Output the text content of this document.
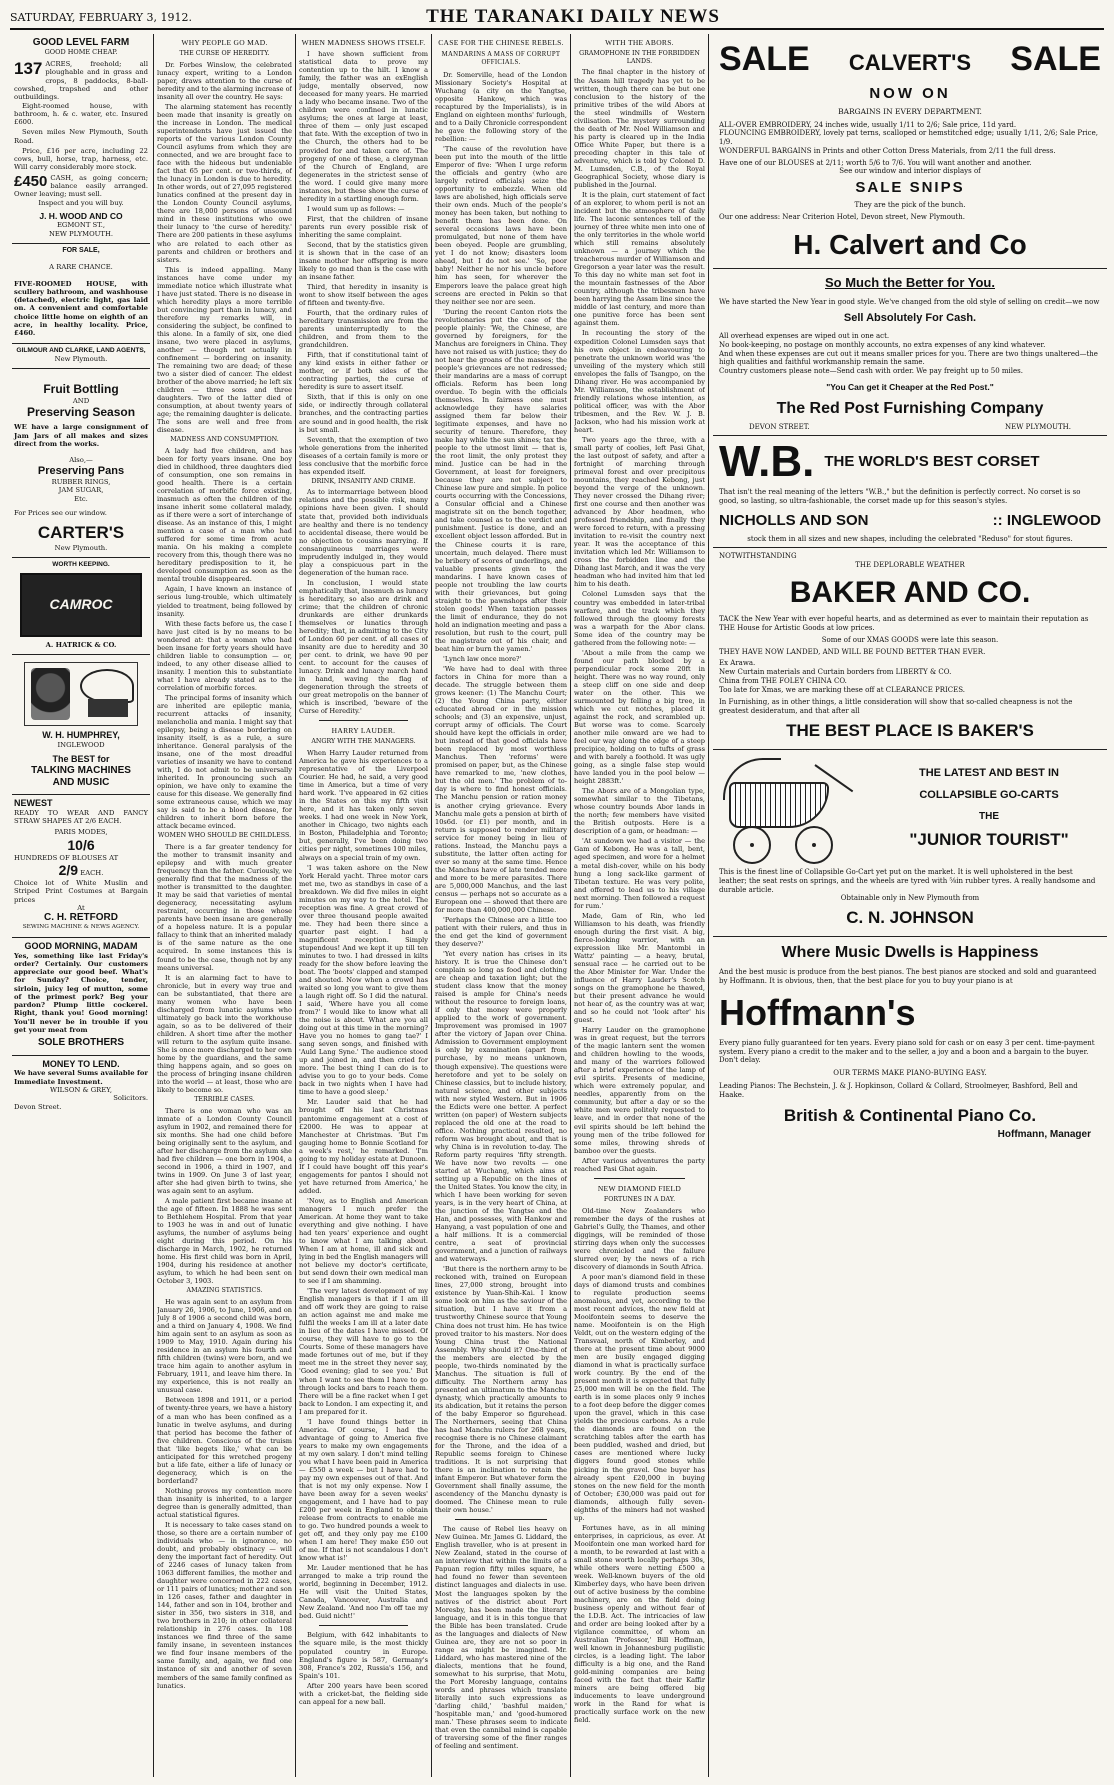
SATURDAY, FEBRUARY 3, 1912.	THE TARANAKI DAILY NEWS
GOOD LEVEL FARM
GOOD HOME CHEAP.
137 ACRES, freehold; all ploughable and in grass and crops, 8 paddocks, 8-ball-cowshed, trapshed and other outbuildings.

Eight-roomed house, with bathroom, h. & c. water, etc. Insured £600.

Seven miles New Plymouth, South Road.

Price, £16 per acre, including 22 cows, bull, horse, trap, harness, etc. Will carry considerably more stock.

£450 CASH, as going concern; balance easily arranged. Owner leaving; must sell.
Inspect and you will buy.
J. H. WOOD AND CO
EGMONT ST.,
NEW PLYMOUTH.
FOR SALE,
A RARE CHANCE.
FIVE-ROOMED HOUSE, with scullery bathroom, and washhouse (detached), electric light, gas laid on. A convenient and comfortable choice little home on eighth of an acre, in healthy locality. Price, £460.
GILMOUR AND CLARKE, LAND AGENTS,
New Plymouth.
Fruit Bottling
AND
Preserving Season
WE have a large consignment of Jam Jars of all makes and sizes direct from the works.
Also,—
Preserving Pans
RUBBER RINGS,
JAM SUGAR,
Etc.
For Prices see our window.
CARTER'S
New Plymouth.
WORTH KEEPING.
CAMROC
A. HATRICK & CO.
W. H. HUMPHREY,
INGLEWOOD
The BEST for
TALKING MACHINES
AND MUSIC
NEWEST
READY TO WEAR AND FANCY STRAW SHAPES AT 2/6 EACH.
PARIS MODES,
10/6
HUNDREDS OF BLOUSES AT
2/9 EACH.
Choice lot of White Muslin and Striped Print Costumes at Bargain prices
At
C. H. RETFORD
SEWING MACHINE & NEWS AGENCY.
GOOD MORNING, MADAM
Yes, something like last Friday's order? Certainly. Our customers appreciate our good beef. What's for Sunday? Choice, tender, sirloin, juicy leg of mutton, some of the primest pork? Beg your pardon? Plump little cockerel. Right, thank you! Good morning! You'll never be in trouble if you get your meat from
SOLE BROTHERS
MONEY TO LEND.
We have several Sums available for Immediate Investment.
WILSON & GREY,
Solicitors.
Devon Street.
WHY PEOPLE GO MAD.
THE CURSE OF HEREDITY.

Dr. Forbes Winslow, the celebrated lunacy expert, writing to a London paper, draws attention to the curse of heredity and to the alarming increase of insanity all over the country. He says:

The alarming statement has recently been made that insanity is greatly on the increase in London. The medical superintendents have just issued the reports of the various London County Council asylums from which they are connected, and we are brought face to face with the hideous but undeniable fact that 65 per cent. or two-thirds, of the lunacy in London is due to heredity. In other words, out of 27,095 registered lunatics confined at the present day in the London County Council asylums, there are 18,000 persons of unsound mind in these institutions who owe their lunacy to 'the curse of heredity.' There are 200 patients in these asylums who are related to each other as parents and children or brothers and sisters.

This is indeed appalling. Many instances have come under my immediate notice which illustrate what I have just stated. There is no disease in which heredity plays a more terrible but convincing part than in lunacy, and therefore my remarks will, in considering the subject, be confined to this alone. In a family of six, one died insane, two were placed in asylums, another — though not actually in confinement — bordering on insanity. The remaining two are dead; of these two a sister died of cancer. The eldest brother of the above married; he left six children — three sons and three daughters. Two of the latter died of consumption, at about twenty years of age; the remaining daughter is delicate. The sons are well and free from disease.

MADNESS AND CONSUMPTION.

A lady had five children, and has been for forty years insane. One boy died in childhood, three daughters died of consumption, one son remains in good health. There is a certain correlation of morbific force existing, inasmuch as often the children of the insane inherit some collateral malady, as if there were a sort of interchange of disease. As an instance of this, I might mention a case of a man who had suffered for some time from acute mania. On his making a complete recovery from this, though there was no hereditary predisposition to it, he developed consumption as soon as the mental trouble disappeared.

Again, I have known an instance of serious lung-trouble, which ultimately yielded to treatment, being followed by insanity.

With these facts before us, the case I have just cited is by no means to be wondered at: that a woman who had been insane for forty years should have children liable to consumption — or, indeed, to any other disease allied to insanity. I mention this to substantiate what I have already stated as to the correlation of morbific forces.

The principal forms of insanity which are inherited are epileptic mania, recurrent attacks of insanity, melancholia and mania. I might say that epilepsy, being a disease bordering on insanity itself, is as a rule, a sure inheritance. General paralysis of the insane, one of the most dreadful varieties of insanity we have to contend with, I do not admit to be universally inherited. In pronouncing such an opinion, we have only to examine the cause for this disease. We generally find some extraneous cause, which we may say is said to be a blood disease, for children to inherit born before the attack became evinced.

WOMEN WHO SHOULD BE CHILDLESS.

There is a far greater tendency for the mother to transmit insanity and epilepsy and with much greater frequency than the father. Curiously, we generally find that the madness of the mother is transmitted to the daughter. It may be said that varieties of mental degeneracy, necessitating asylum restraint, occurring in those whose parents have been insane are generally of a hopeless nature. It is a popular fallacy to think that an inherited malady is of the same nature as the one acquired. In some instances this is found to be the case, though not by any means universal.

It is an alarming fact to have to chronicle, but in every way true and can be substantiated, that there are many women who have been discharged from lunatic asylums who ultimately go back into the workhouse again, so as to be delivered of their children. A short time after the mother will return to the asylum quite insane. She is once more discharged to her own home by the guardians, and the same thing happens again, and so goes on the process of bringing insane children into the world — at least, those who are likely to become so.

TERRIBLE CASES.

There is one woman who was an inmate of a London County Council asylum in 1902, and remained there for six months. She had one child before being originally sent to the asylum, and after her discharge from the asylum she had five children — one born in 1904, a second in 1906, a third in 1907, and twins in 1909. On June 3 of last year, after she had given birth to twins, she was again sent to an asylum.

A male patient first became insane at the age of fifteen. In 1888 he was sent to Bethlehem Hospital. From that year to 1903 he was in and out of lunatic asylums, the number of asylums being eight during this period. On his discharge in March, 1902, he returned home. His first child was born in April, 1904, during his residence at another asylum, to which he had been sent on October 3, 1903.

AMAZING STATISTICS.

He was again sent to an asylum from January 26, 1906, to June, 1906, and on July 8 of 1906 a second child was born, and a third on January 4, 1908. We find him again sent to an asylum as soon as 1909 to May, 1910. Again during his residence in an asylum his fourth and fifth children (twins) were born, and we trace him again to another asylum in February, 1911, and leave him there. In my experience, this is not really an unusual case.

Between 1898 and 1911, or a period of twenty-three years, we have a history of a man who has been confined as a lunatic in twelve asylums, and during that period has become the father of five children. Conscious of the truism that 'like begets like,' what can be anticipated for this wretched progeny but a life fate, either a life of lunacy or degeneracy, which is on the borderland?

Nothing proves my contention more than insanity is inherited, to a larger degree than is generally admitted, than actual statistical figures.

It is necessary to take cases stand on those, so there are a certain number of individuals who — in ignorance, no doubt, and probably obstinacy — will deny the important fact of heredity. Out of 2246 cases of lunacy taken from 1063 different families, the mother and daughter were concerned in 222 cases, or 111 pairs of lunatics; mother and son in 126 cases, father and daughter in 144, father and son in 104, brother and sister in 356, two sisters in 318, and two brothers in 210; in other collateral relationship in 276 cases. In 108 instances we find three of the same family insane, in seventeen instances we find four insane members of the same family, and, again, we find one instance of six and another of seven members of the same family confined as lunatics.

WHEN MADNESS SHOWS ITSELF.

I have shown sufficient from statistical data to prove my contention up to the hilt. I know a family, the father was an exEnglish judge, mentally observed, now deceased for many years. He married a lady who became insane. Two of the children were confined in lunatic asylums; the ones at large at least, three of them — only just escaped that fate. With the exception of two in the Church, the others had to be provided for and taken care of. The progeny of one of these, a clergyman of the Church of England, are degenerates in the strictest sense of the word. I could give many more instances, but these show the curse of heredity in a startling enough form.

I would sum up as follows: —

First, that the children of insane parents run every possible risk of inheriting the same complaint.

Second, that by the statistics given it is shown that in the case of an insane mother her offspring is more likely to go mad than is the case with an insane father.

Third, that heredity in insanity is wont to show itself between the ages of fifteen and twenty-five.

Fourth, that the ordinary rules of hereditary transmission are from the parents uninterruptedly to the children, and from them to the grandchildren.

Fifth, that if constitutional taint of any kind exists in either father or mother, or if both sides of the contracting parties, the curse of heredity is sure to assert itself.

Sixth, that if this is only on one side, or indirectly through collateral branches, and the contracting parties are sound and in good health, the risk is but small.

Seventh, that the exemption of two whole generations from the inherited diseases of a certain family is more or less conclusive that the morbific force has expended itself.

DRINK, INSANITY AND CRIME.

As to intermarriage between blood relations and the possible risk, many opinions have been given. I should state that, provided both individuals are healthy and there is no tendency to accidental disease, there would be no objection to cousins marrying. If consanguineous marriages were imprudently indulged in, they would play a conspicuous part in the degeneration of the human race.

In conclusion, I would state emphatically that, inasmuch as lunacy is hereditary, so also are drink and crime; that the children of chronic drunkards are either drunkards themselves or lunatics through heredity; that, in admitting to the City of London 60 per cent. of all cases of insanity are due to heredity and 30 per cent. to drink, we have 90 per cent. to account for the causes of lunacy. Drink and lunacy march hand in hand, waving the flag of degeneration through the streets of our great metropolis on the banner of which is inscribed, 'beware of the Curse of Heredity.'

HARRY LAUDER.
ANGRY WITH THE MANAGERS.

When Harry Lauder returned from America he gave his experiences to a representative of the Liverpool Courier. He had, he said, a very good time in America, but a time of very hard work. 'I've appeared in 62 cities in the States on this my fifth visit here, and it has taken only seven weeks. I had one week in New York, another in Chicago, two nights each in Boston, Philadelphia and Toronto; but, generally, I've been doing two cities per night, sometimes 100 miles, always on a special train of my own.

'I was taken ashore on the New York Herald yacht. Three motor cars met me, two as standbys in case of a breakdown. We did five miles in eight minutes on my way to the hotel. The reception was fine. A great crowd of over three thousand people awaited me. They had been there since a quarter past eight. I had a magnificent reception. Simply stupendous! And we kept it up till ten minutes to two. I had dressed in kilts ready for the show before leaving the boat. The 'boots' clapped and stamped and shouted. Now when a crowd has waited so long you want to give them a laugh right off. So I did the natural. I said, 'Where have you all come from?' I would like to know what all the noise is about. What are you all doing out at this time in the morning? Have you no homes to gang tae?' I sang seven songs, and finished with 'Auld Lang Syne.' The audience stood up and joined in, and then cried for more. The best thing I can do is to advise you to go to your beds. Come back in two nights when I have had time to have a good sleep.'

Mr. Lauder said that he had brought off his last Christmas pantomime engagement at a cost of £2000. He was to appear at Manchester at Christmas. 'But I'm gauging home to Bonnie Scotland for a week's rest,' he remarked. 'I'm going to my holiday estate at Dunoon. If I could have bought off this year's engagements for pantos I should not yet have returned from America,' he added.

'Now, as to English and American managers I much prefer the American. At home they want to take everything and give nothing. I have had ten years' experience and ought to know what I am talking about. When I am at home, ill and sick and lying in bed the English managers will not believe my doctor's certificate, but send down their own medical man to see if I am shamming.

'The very latest development of my English managers is that if I am ill and off work they are going to raise an action against me and make me fulfil the weeks I am ill at a later date in lieu of the dates I have missed. Of course, they will have to go to the Courts. Some of these managers have made fortunes out of me, but if they meet me in the street they never say, 'Good evening; glad to see you.' But when I want to see them I have to go through locks and bars to reach them. There will be a fine racket when I get back to London. I am expecting it, and I am prepared for it.

'I have found things better in America. Of course, I had the advantage of going to America five years to make my own engagements at my own salary. I don't mind telling you what I have been paid in America — £550 a week — but I have had to pay my own expenses out of that. And that is not my only expense. Now I have been away for a seven weeks' engagement, and I have had to pay £200 per week in England to obtain release from contracts to enable me to go. Two hundred pounds a week to get off, and they only pay me £100 when I am here! They make £50 out of me. If that is not scandalous I don't know what is!'

Mr. Lauder mentioned that he has arranged to make a trip round the world, beginning in December, 1912. He will visit the United States, Canada, Vancouver, Australia and New Zealand. 'And noo I'm off tae my bed. Guid nicht!'

Belgium, with 642 inhabitants to the square mile, is the most thickly populated country in Europe. England's figure is 587, Germany's 308, France's 202, Russia's 156, and Spain's 101.

After 200 years have been scored with a cricket-bat, the fielding side can appeal for a new ball.

CASE FOR THE CHINESE REBELS.
MANDARINS A MASS OF CORRUPT OFFICIALS.

Dr. Somerville, head of the London Missionary Society's Hospital at Wuchang (a city on the Yangtse, opposite Hankow, which was recaptured by the Imperialists), is in England on eighteen months' furlough, and to a Daily Chronicle correspondent he gave the following story of the rebellion: —

'The cause of the revolution have been put into the mouth of the little Emperor of five: 'When I urge reform the officials and gentry (who are largely retired officials) seize the opportunity to embezzle. When old laws are abolished, high officials serve their own ends. Much of the people's money has been taken, but nothing to benefit them has been done. On several occasions laws have been promulgated, but none of them have been obeyed. People are grumbling, yet I do not know; disasters loom ahead, but I do not see.' 'So, poor baby! Neither he nor his uncle before him has seen, for wherever the Emperors leave the palace great high screens are erected in Pekin so that they neither see nor are seen.

'During the recent Canton riots the revolutionaries put the case of the people plainly: 'We, the Chinese, are governed by foreigners, for the Manchus are foreigners in China. They have not raised us with justice; they do not hear the groans of the masses; the people's grievances are not redressed; their mandarins are a mass of corrupt officials. Reform has been long overdue. To begin with the officials themselves. In fairness one must acknowledge they have salaries assigned them far below their legitimate expenses, and have no security of tenure. Therefore, they make hay while the sun shines; tax the people to the utmost limit — that is, the root limit, the only protest they mind. Justice can be had in the Government, at least for foreigners, because they are not subject to Chinese law pure and simple. In police courts occurring with the Concessions, a Consular official and a Chinese magistrate sit on the bench together, and take counsel as to the verdict and punishment. Justice is done, and an excellent object lesson afforded. But in the Chinese courts it is rare, uncertain, much delayed. There must be bribery of scores of underlings, and valuable presents given to the mandarins. I have known cases of people not troubling the law courts with their grievances, but going straight to the pawnshops after their stolen goods! When taxation passes the limit of endurance, they do not hold an indignation meeting and pass a resolution, but rush to the court, pull the magistrate out of his chair, and beat him or burn the yamen.'

'Lynch law once more?'

'We have had to deal with three factors in China for more than a decade. The struggle between them grows keener: (1) The Manchu Court; (2) the Young China party, either educated abroad or in the mission schools; and (3) an expensive, unjust, corrupt army of officials. The Court should have kept the officials in order, but instead of that good officials have been replaced by most worthless Manchus. Then 'reforms' were promised on paper, but, as the Chinese have remarked to me, 'new clothes, but the old men.' The problem of to-day is where to find honest officials. The Manchu pension or ration money is another crying grievance. Every Manchu male gets a pension at birth of 10s6d. (or £1) per month, and in return is supposed to render military service for money being in lieu of rations. Instead, the Manchu pays a substitute, the latter often acting for ever so many at the same time. Hence the Manchus have of late tended more and more to be mere parasites. There are 5,000,000 Manchus, and the last census — perhaps not so accurate as a European one — showed that there are for more than 400,000,000 Chinese.

'Perhaps the Chinese are a little too patient with their rulers, and thus in the end get the kind of government they deserve?'

'Yet every nation has crises in its history. It is true the Chinese don't complain so long as food and clothing are cheap and taxation light; but the student class know that the money raised is ample for China's needs without the resource to foreign loans, if only that money were properly applied to the work of government. Improvement was promised in 1907 after the victory of Japan over China. Admission to Government employment is only by examination (apart from purchase, by no means unknown, though expensive). The questions were heretofore and yet to be solely on Chinese classics, but to include history, natural science, and other subjects with new styled Western. But in 1906 the Edicts were one better. A perfect written (on paper) of Western subjects replaced the old one at the road to office. Nothing practical resulted, no reform was brought about, and that is why China is in revolution to-day. The Reform party requires 'fifty strength. We have now two revolts — one started at Wuchang, which aims at setting up a Republic on the lines of the United States. You know the city, in which I have been working for seven years, is in the very heart of China, at the junction of the Yangtse and the Han, and possesses, with Hankow and Hanyang, a vast population of one and a half millions. It is a commercial centre, a seat of provincial government, and a junction of railways and waterways.

'But there is the northern army to be reckoned with, trained on European lines, 27,000 strong, brought into existence by Yuan-Shih-Kai. I know some look on him as the saviour of the situation, but I have it from a trustworthy Chinese source that Young China does not trust him. He has twice proved traitor to his masters. Nor does Young China trust the National Assembly. Why should it? One-third of the members are elected by the people, two-thirds nominated by the Manchus. The situation is full of difficulty. The Northern army has presented an ultimatum to the Manchu dynasty, which practically amounts to its abdication, but it retains the person of the baby Emperor so figurehead. The Northerners, seeing that China has had Manchu rulers for 268 years, recognise there is no Chinese claimant for the Throne, and the idea of a Republic seems foreign to Chinese traditions. It is not surprising that there is an inclination to retain the infant Emperor. But whatever form the Government shall finally assume, the ascendency of the Manchu dynasty is doomed. The Chinese mean to rule their own house.'

The cause of Rebel lies heavy on New Guinea. Mr. James G. Liddard, the English traveller, who is at present in New Zealand, stated in the course of an interview that within the limits of a Papuan region fifty miles square, he had found no fewer than seventeen distinct languages and dialects in use. Most the languages spoken by the natives of the district about Port Moresby, has been made the literary language, and it is in this tongue that the Bible has been translated. Crude as the languages and dialects of New Guinea are, they are not so poor in range as might be imagined. Mr. Liddard, who has mastered nine of the dialects, mentions that he found, somewhat to his surprise, that Motu, the Port Moresby language, contains words and phrases which translate literally into such expressions as 'darling child,' 'bashful maiden,' 'hospitable man,' and 'good-humored man.' These phrases seem to indicate that even the cannibal mind is capable of traversing some of the finer ranges of feeling and sentiment.

WITH THE ABORS.
GRAMOPHONE IN THE FORBIDDEN LANDS.

The final chapter in the history of the Assam hill tragedy has yet to be written, though there can be but one conclusion to the history of the primitive tribes of the wild Abors at the steel windmills of Western civilisation. The mystery surrounding the death of Mr. Noel Williamson and his party is cleared up in the India Office White Paper, but there is a preceding chapter in this tale of adventure, which is told by Colonel D. M. Lumsden, C.B., of the Royal Geographical Society, whose diary is published in the Journal.

It is the plain, curt statement of fact of an explorer, to whom peril is not an incident but the atmosphere of daily life. The laconic sentences tell of the journey of three white men into one of the only territories in the whole world which still remains absolutely unknown — a journey which the treacherous murder of Williamson and Gregorson a year later was the result. To this day no white man set foot in the mountain fastnesses of the Abor country, although the tribesmen have been harrying the Assam line since the middle of last century, and more than one punitive force has been sent against them.

In recounting the story of the expedition Colonel Lumsden says that his own object in endeavouring to penetrate the unknown world was 'the unveiling of the mystery which still envelopes the falls of Tsangpo, on the Dihang river. He was accompanied by Mr. Williamson, the establishment of friendly relations whose intention, as political officer, was with the Abor tribesmen, and the Rev. W. J. B. Jackson, who had his mission work at heart.

Two years ago the three, with a small party of coolies, left Pasi Ghat, the last outpost of safety, and after a fortnight of marching through primeval forest and over precipitous mountains, they reached Kebong, just beyond the verge of the unknown. They never crossed the Dihang river; first one course and then another was advanced by Abor headmen, who professed friendship, and finally they were forced to return, with a pressing invitation to re-visit the country next year. It was the acceptance of this invitation which led Mr. Williamson to cross the forbidden line and the Dihang last March, and it was the very headman who had invited him that led him to his death.

Colonel Lumsden says that the country was embedded in later-tribal warfare, and the track which they followed through the gloomy forests was a warpath for the Abor clans. Some idea of the country may be gathered from the following note: —

'About a mile from the camp we found our path blocked by a perpendicular rock some 20ft in height. There was no way round, only a steep cliff on one side and deep water on the other. This we surmounted by felling a big tree, in which we cut notches, placed it against the rock, and scrambled up. But worse was to come. Scarcely another mile onward are we had to feel our way along the edge of a steep precipice, holding on to tufts of grass and with barely a foothold. It was ugly going, as a single false step would have landed you in the pool below — height 2883ft.'

The Abors are of a Mongolian type, somewhat similar to the Tibetans, whose country bounds Abor lands in the north; few members have visited the British outposts. Here is a description of a gam, or headman: —

'At sundown we had a visitor — the Gam of Kebong. He was a tall, bent, aged specimen, and wore for a helmet a metal dish-cover, while on his body hung a long sack-like garment of Tibetan texture. He was very polite, and offered to lead us to his village next morning. Then followed a request for rum.'

Made, Gam of Rin, who led Williamson to his death, was friendly enough during the first visit. A big, fierce-looking warrior, with an expression like Mr. Mantombi in Wattz' painting — a heavy, brutal, sensual race — he carried out to be the Abor Minister for War. Under the influence of Harry Lauder's Scotch songs on the gramophone he thawed, but their present advance he would not hear of, as the country was at war, and so he could not 'look after' his guest.

Harry Lauder on the gramophone was in great request, but the terrors of the magic lantern sent the women and children howling to the woods, and many of the warriors followed after a brief experience of the lamp of evil spirits. Presents of medicine, which were extremely popular, and needles, apparently from on the community, but after a day or so the white men were politely requested to leave, and in order that none of the evil spirits should be left behind the young men of the tribe followed for some miles, throwing shreds of bamboo over the guests.

After various adventures the party reached Pasi Ghat again.

NEW DIAMOND FIELD
FORTUNES IN A DAY.

Old-time New Zealanders who remember the days of the rushes at Gabriel's Gully, the Thames, and other diggings, will be reminded of those stirring days when only the successes were chronicled and the failure slurred over, by the news of a rich discovery of diamonds in South Africa.

A poor man's diamond field in these days of diamond trusts and combines to regulate production seems anomalous, and yet, according to the most recent advices, the new field at Mooifontein seems to deserve the name. Mooifontein is on the High Veldt, out on the western edging of the Transvaal, north of Kimberley, and there at the present time about 9000 men are busily engaged digging diamond in what is practically surface work country. By the end of the present month it is expected that fully 25,000 men will be on the field. The earth is in some places only 9 inches to a foot deep before the digger comes upon the gravel, which in this case yields the precious carbons. As a rule the diamonds are found on the scratching tables after the earth has been puddled, washed and dried, but cases are mentioned where lucky diggers found good stones while picking in the gravel. One buyer has already spent £20,000 in buying stones on the new field for the month of October; £30,000 was paid out for diamonds, although fully seven-eighths of the miners had not washed up.

Fortunes have, as in all mining enterprises, in capricious, as ever. At Mooifontein one man worked hard for a month, to be rewarded at last with a small stone worth locally perhaps 30s, while others were netting £500 a week. Well-known buyers of the old Kimberley days, who have been driven out of active business by the combine machinery, are on the field doing business openly and without fear of the I.D.B. Act. The intricacies of law and order are being looked after by a vigilance committee, of whom an Australian 'Professor,' Bill Hoffman, well known in Johannesburg pugilistic circles, is a leading light. The labor difficulty is a big one, and the Rand gold-mining companies are being faced with the fact that their Kaffir miners are being offered big inducements to leave underground work in the Rand for what is practically surface work on the new field.

SALE CALVERT'S SALE
NOW ON
BARGAINS IN EVERY DEPARTMENT.
ALL-OVER EMBROIDERY, 24 inches wide, usually 1/11 to 2/6; Sale price, 11d yard.
FLOUNCING EMBROIDERY, lovely pat terns, scalloped or hemstitched edge; usually 1/11, 2/6; Sale Price, 1/9.
WONDERFUL BARGAINS in Prints and other Cotton Dress Materials, from 2/11 the full dress.
Have one of our BLOUSES at 2/11; worth 5/6 to 7/6. You will want another and another.
See our window and interior displays of
SALE SNIPS
They are the pick of the bunch.
Our one address: Near Criterion Hotel, Devon street, New Plymouth.
H. Calvert and Co
So Much the Better for You.
We have started the New Year in good style. We've changed from the old style of selling on credit—we now
Sell Absolutely For Cash.
All overhead expenses are wiped out in one act.
No book-keeping, no postage on monthly accounts, no extra expenses of any kind whatever.
And when these expenses are cut out it means smaller prices for you. There are two things unaltered—the high qualities and faithful workmanship remain the same.
Country customers please note—Send cash with order. We pay freight up to 50 miles.
"You Can get it Cheaper at the Red Post."
The Red Post Furnishing Company
DEVON STREET.	NEW PLYMOUTH.
W.B. THE WORLD'S BEST CORSET
That isn't the real meaning of the letters "W.B.," but the definition is perfectly correct. No corset is so good, so lasting, so ultra-fashionable, the corset made up for this season's styles.
NICHOLLS AND SON	:: INGLEWOOD
stock them in all sizes and new shapes, including the celebrated "Reduso" for stout figures.
NOTWITHSTANDING
THE DEPLORABLE WEATHER
BAKER AND CO.
TACK the New Year with ever hopeful hearts, and as determined as ever to maintain their reputation as THE House for Artistic Goods at low prices.
Some of our XMAS GOODS were late this season.
THEY HAVE NOW LANDED, AND WILL BE FOUND BETTER THAN EVER.
Ex Arawa.
New Curtain materials and Curtain borders from LIBERTY & CO.
China from THE FOLEY CHINA CO.
Too late for Xmas, we are marking these off at CLEARANCE PRICES.
In Furnishing, as in other things, a little consideration will show that so-called cheapness is not the greatest desideratum, and that after all
THE BEST PLACE IS BAKER'S
THE LATEST AND BEST IN
COLLAPSIBLE GO-CARTS
THE
"JUNIOR TOURIST"
This is the finest line of Collapsible Go-Cart yet put on the market. It is well upholstered in the best leather; the seat rests on springs, and the wheels are tyred with ⅝in rubber tyres. A really handsome and durable article.
Obtainable only in New Plymouth from
C. N. JOHNSON
Where Music Dwells is Happiness
And the best music is produce from the best pianos. The best pianos are stocked and sold and guaranteed by Hoffmann. It is obvious, then, that the best place for you to buy your piano is at
Hoffmann's
Every piano fully guaranteed for ten years. Every piano sold for cash or on easy 3 per cent. time-payment system. Every piano a credit to the maker and to the seller, a joy and a boon and a bargain to the buyer. Don't delay.
OUR TERMS MAKE PIANO-BUYING EASY.
Leading Pianos: The Bechstein, J. & J. Hopkinson, Collard & Collard, Stroolmeyer, Bashford, Bell and Haake.
British & Continental Piano Co.
Hoffmann, Manager
